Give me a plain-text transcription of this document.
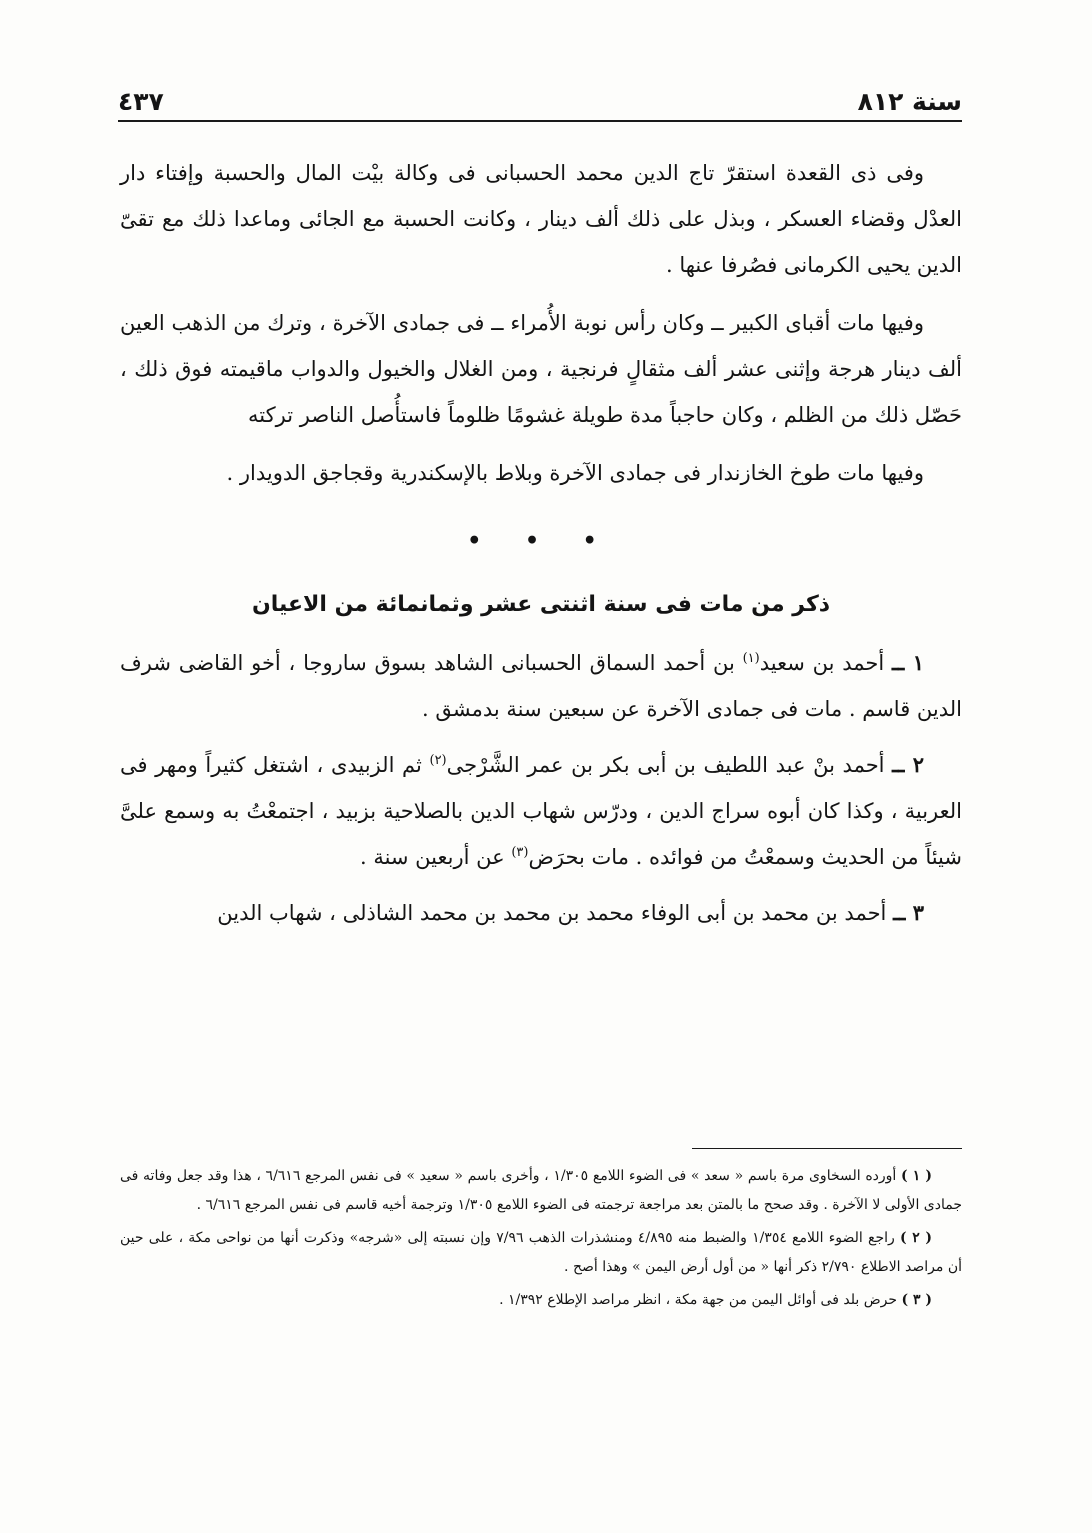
سنة ٨١٢
٤٣٧

وفى ذى القعدة استقرّ تاج الدين محمد الحسبانى فى وكالة بيْت المال والحسبة وإفتاء دار العدْل وقضاء العسكر ، وبذل على ذلك ألف دينار ، وكانت الحسبة مع الجائى وماعدا ذلك مع تقىّ الدين يحيى الكرمانى فصُرفا عنها .

وفيها مات أقباى الكبير ــ وكان رأس نوبة الأُمراء ــ فى جمادى الآخرة ، وترك من الذهب العين ألف دينار هرجة وإثنى عشر ألف مثقالٍ فرنجية ، ومن الغلال والخيول والدواب ماقيمته فوق ذلك ، حَصّل ذلك من الظلم ، وكان حاجباً مدة طويلة غشومًا ظلوماً فاستأُصل الناصر تركته

وفيها مات طوخ الخازندار فى جمادى الآخرة وبلاط بالإسكندرية وقجاجق الدويدار .

• • •
ذكر من مات فى سنة اثنتى عشر وثمانمائة من الاعيان

١ ــ أحمد بن سعيد$^{(١)}$ بن أحمد السماق الحسبانى الشاهد بسوق ساروجا ، أخو القاضى شرف الدين قاسم . مات فى جمادى الآخرة عن سبعين سنة بدمشق .

٢ ــ أحمد بنْ عبد اللطيف بن أبى بكر بن عمر الشَّرْجى$^{(٢)}$ ثم الزبيدى ، اشتغل كثيراً ومهر فى العربية ، وكذا كان أبوه سراج الدين ، ودرّس شهاب الدين بالصلاحية بزبيد ، اجتمعْتُ به وسمع علىَّ شيئاً من الحديث وسمعْتُ من فوائده . مات بحرَض$^{(٣)}$ عن أربعين سنة .

٣ ــ أحمد بن محمد بن أبى الوفاء محمد بن محمد بن محمد الشاذلى ، شهاب الدين

( ١ ) أورده السخاوى مرة باسم « سعد » فى الضوء اللامع ١/٣٠٥ ، وأخرى باسم « سعيد » فى نفس المرجع ٦/٦١٦ ، هذا وقد جعل وفاته فى جمادى الأولى لا الآخرة . وقد صحح ما بالمتن بعد مراجعة ترجمته فى الضوء اللامع ١/٣٠٥ وترجمة أخيه قاسم فى نفس المرجع ٦/٦١٦ .

( ٢ ) راجع الضوء اللامع ١/٣٥٤ والضبط منه ٤/٨٩٥ ومنشذرات الذهب ٧/٩٦ وإن نسبته إلى «شرجه» وذكرت أنها من نواحى مكة ، على حين أن مراصد الاطلاع ٢/٧٩٠ ذكر أنها « من أول أرض اليمن » وهذا أصح .

( ٣ ) حرض بلد فى أوائل اليمن من جهة مكة ، انظر مراصد الإطلاع ١/٣٩٢ .
